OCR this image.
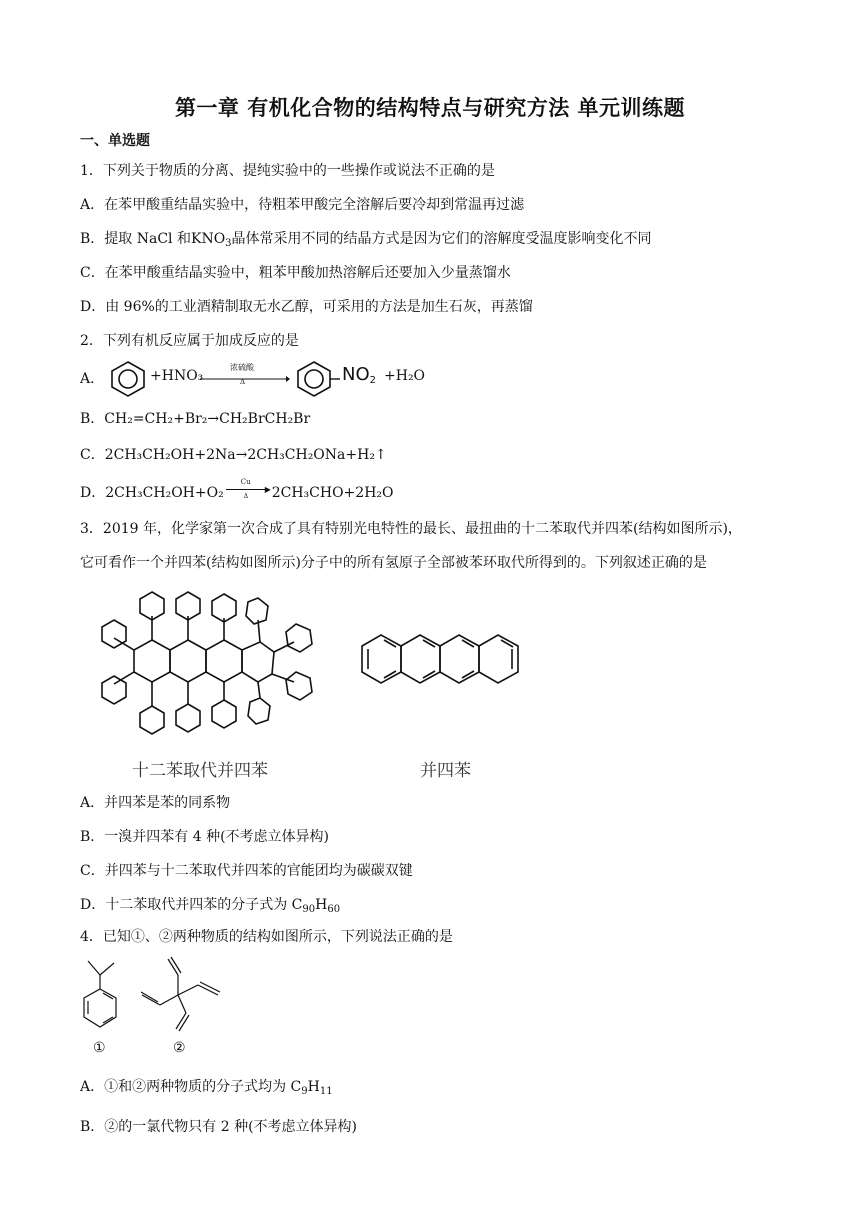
第一章 有机化合物的结构特点与研究方法 单元训练题
一、单选题
1．下列关于物质的分离、提纯实验中的一些操作或说法不正确的是
A．在苯甲酸重结晶实验中，待粗苯甲酸完全溶解后要冷却到常温再过滤
B．提取 NaCl 和$KNO_3$晶体常采用不同的结晶方式是因为它们的溶解度受温度影响变化不同
C．在苯甲酸重结晶实验中，粗苯甲酸加热溶解后还要加入少量蒸馏水
D．由 96%的工业酒精制取无水乙醇，可采用的方法是加生石灰，再蒸馏
2．下列有机反应属于加成反应的是
A．	+HNO₃
浓硫酸
Δ	$NO_2 +H_2O$
B．CH₂=CH₂+Br₂→CH₂BrCH₂Br
C．2CH₃CH₂OH+2Na→2CH₃CH₂ONa+H₂↑
D．2CH₃CH₂OH+O₂
Cu
▶
Δ 2CH₃CHO+2H₂O
3．2019 年，化学家第一次合成了具有特别光电特性的最长、最扭曲的十二苯取代并四苯(结构如图所示)，
它可看作一个并四苯(结构如图所示)分子中的所有氢原子全部被苯环取代所得到的。下列叙述正确的是
十二苯取代并四苯	并四苯
A．并四苯是苯的同系物
B．一溴并四苯有 4 种(不考虑立体异构)
C．并四苯与十二苯取代并四苯的官能团均为碳碳双键
D．十二苯取代并四苯的分子式为 $C_{90}H_{60}$
4．已知①、②两种物质的结构如图所示，下列说法正确的是
①	②
A．①和②两种物质的分子式均为 $C_9H_{11}$
B．②的一氯代物只有 2 种(不考虑立体异构)
